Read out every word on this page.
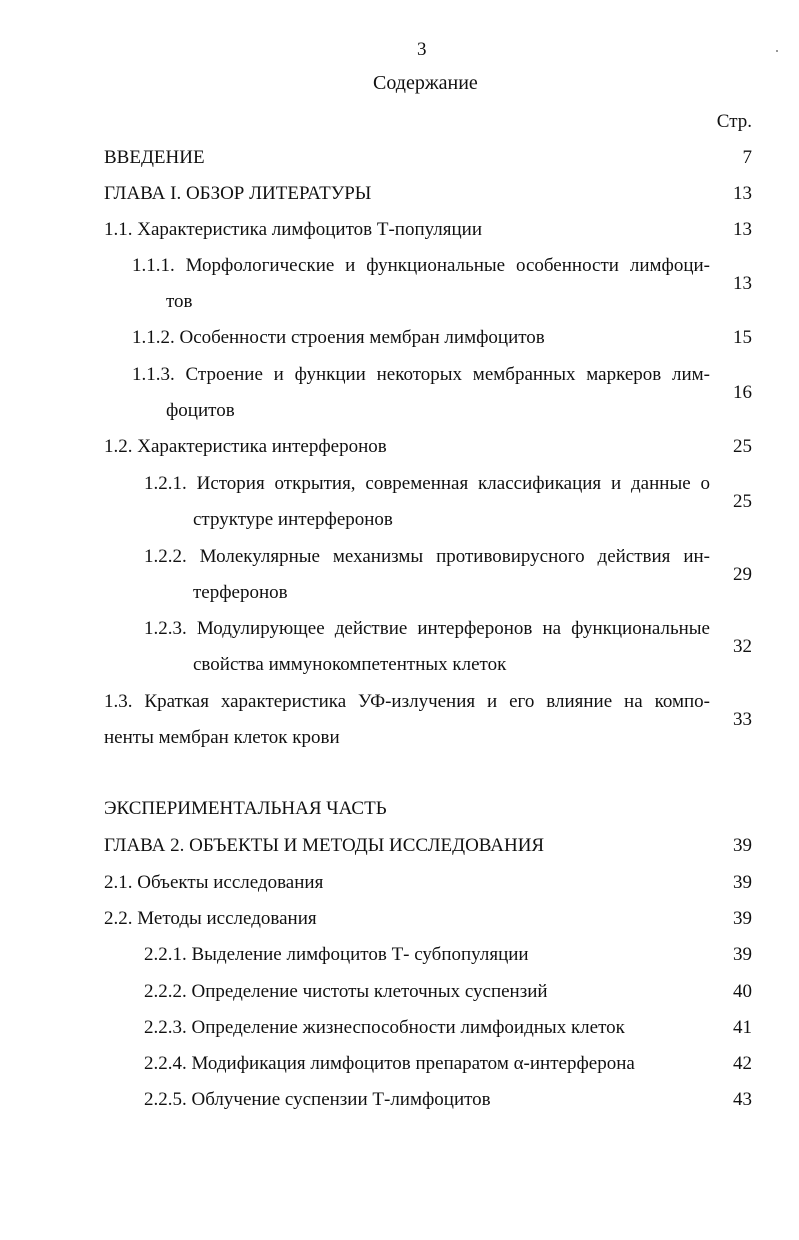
3
Содержание
Стр.
ВВЕДЕНИЕ	7
ГЛАВА I. ОБЗОР ЛИТЕРАТУРЫ	13
1.1. Характеристика лимфоцитов Т-популяции	13
1.1.1. Морфологические и функциональные особенности лимфоци-
тов
13
1.1.2. Особенности строения мембран лимфоцитов	15
1.1.3. Строение и функции некоторых мембранных маркеров лим-
фоцитов
16
1.2. Характеристика интерферонов	25
1.2.1. История открытия, современная классификация и данные о
структуре интерферонов
25
1.2.2. Молекулярные механизмы противовирусного действия ин-
терферонов
29
1.2.3. Модулирующее действие интерферонов на функциональные
свойства иммунокомпетентных клеток
32
1.3. Краткая характеристика УФ-излучения и его влияние на компо-
ненты мембран клеток крови
33
ЭКСПЕРИМЕНТАЛЬНАЯ ЧАСТЬ
ГЛАВА 2. ОБЪЕКТЫ И МЕТОДЫ ИССЛЕДОВАНИЯ	39
2.1. Объекты исследования	39
2.2. Методы исследования	39
2.2.1. Выделение лимфоцитов Т- субпопуляции	39
2.2.2. Определение чистоты клеточных суспензий	40
2.2.3. Определение жизнеспособности лимфоидных клеток	41
2.2.4. Модификация лимфоцитов препаратом α-интерферона	42
2.2.5. Облучение суспензии Т-лимфоцитов	43
